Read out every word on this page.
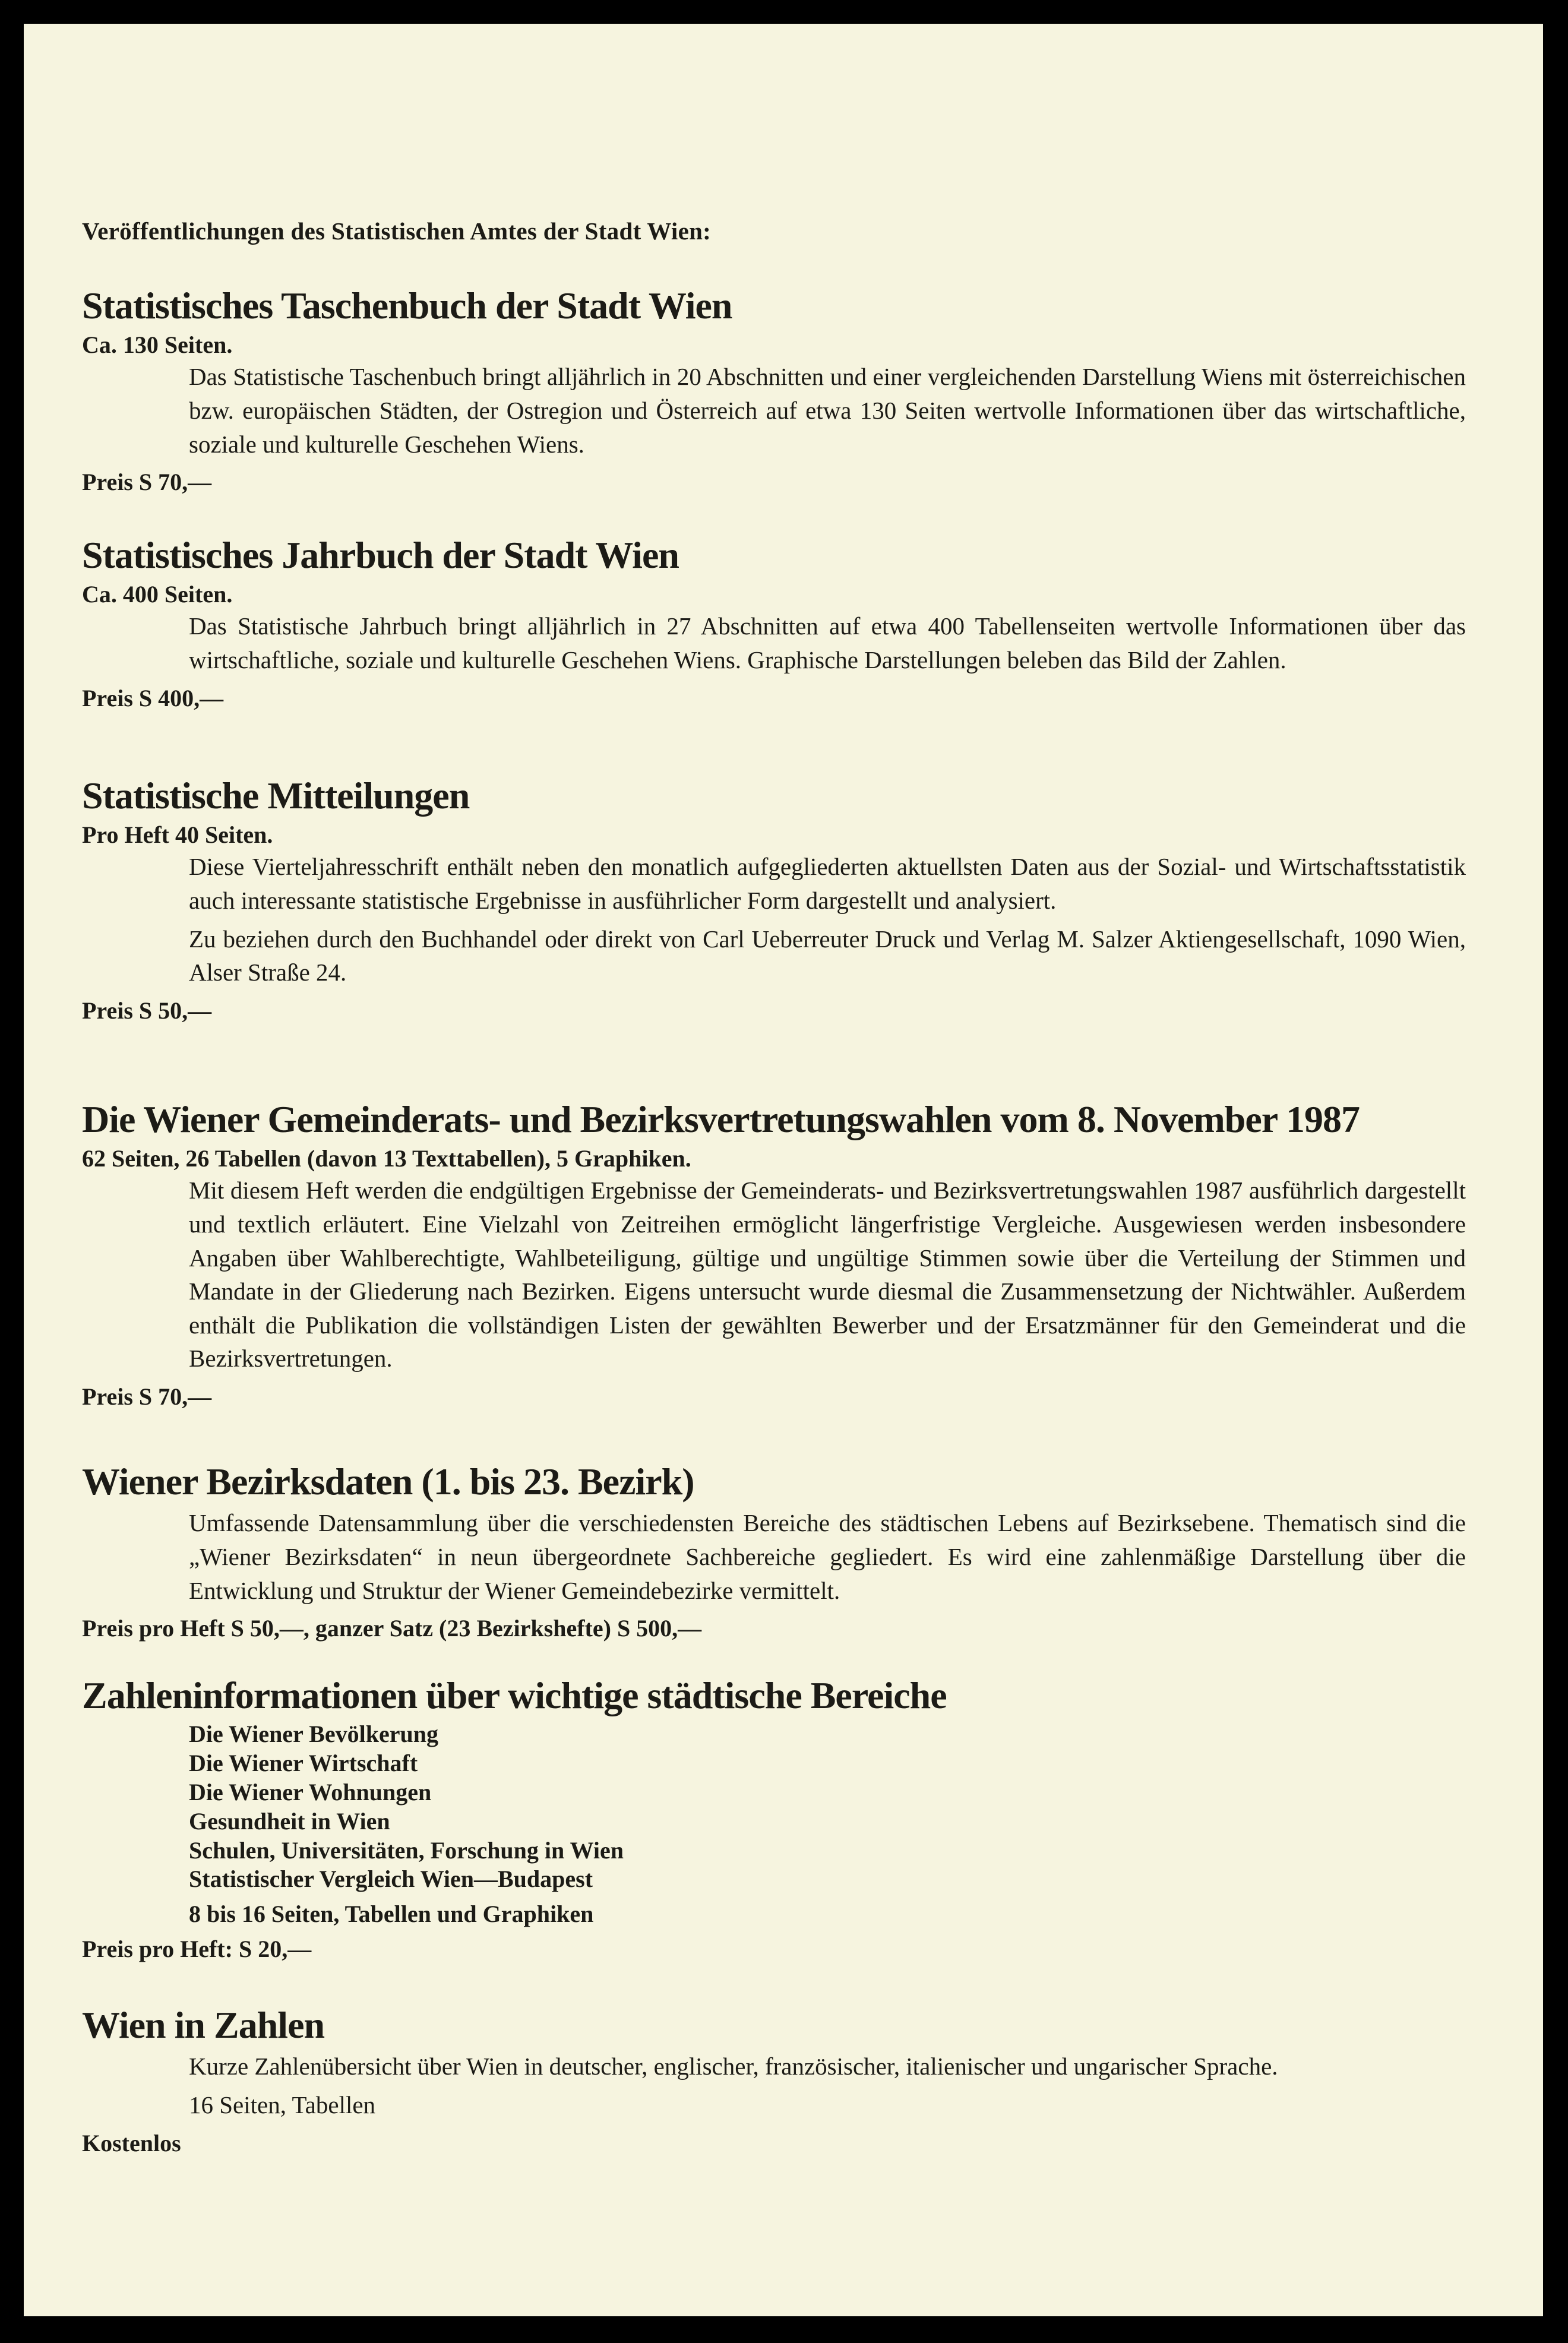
Veröffentlichungen des Statistischen Amtes der Stadt Wien:
Statistisches Taschenbuch der Stadt Wien
Ca. 130 Seiten.

Das Statistische Taschenbuch bringt alljährlich in 20 Abschnitten und einer vergleichenden Darstellung Wiens mit österreichischen bzw. europäischen Städten, der Ostregion und Österreich auf etwa 130 Seiten wertvolle Informationen über das wirtschaftliche, soziale und kulturelle Geschehen Wiens.

Preis S 70,—
Statistisches Jahrbuch der Stadt Wien
Ca. 400 Seiten.

Das Statistische Jahrbuch bringt alljährlich in 27 Abschnitten auf etwa 400 Tabellenseiten wertvolle Informationen über das wirtschaftliche, soziale und kulturelle Geschehen Wiens. Graphische Darstellungen beleben das Bild der Zahlen.

Preis S 400,—
Statistische Mitteilungen
Pro Heft 40 Seiten.

Diese Vierteljahresschrift enthält neben den monatlich aufgegliederten aktuellsten Daten aus der Sozial- und Wirtschaftsstatistik auch interessante statistische Ergebnisse in ausführlicher Form dargestellt und analysiert.

Zu beziehen durch den Buchhandel oder direkt von Carl Ueberreuter Druck und Verlag M. Salzer Aktiengesellschaft, 1090 Wien, Alser Straße 24.

Preis S 50,—
Die Wiener Gemeinderats- und Bezirksvertretungswahlen vom 8. November 1987
62 Seiten, 26 Tabellen (davon 13 Texttabellen), 5 Graphiken.

Mit diesem Heft werden die endgültigen Ergebnisse der Gemeinderats- und Bezirksvertretungswahlen 1987 ausführlich dargestellt und textlich erläutert. Eine Vielzahl von Zeitreihen ermöglicht längerfristige Vergleiche. Ausgewiesen werden insbesondere Angaben über Wahlberechtigte, Wahlbeteiligung, gültige und ungültige Stimmen sowie über die Verteilung der Stimmen und Mandate in der Gliederung nach Bezirken. Eigens untersucht wurde diesmal die Zusammensetzung der Nichtwähler. Außerdem enthält die Publikation die vollständigen Listen der gewählten Bewerber und der Ersatzmänner für den Gemeinderat und die Bezirksvertretungen.

Preis S 70,—
Wiener Bezirksdaten (1. bis 23. Bezirk)

Umfassende Datensammlung über die verschiedensten Bereiche des städtischen Lebens auf Bezirksebene. Thematisch sind die „Wiener Bezirksdaten“ in neun übergeordnete Sachbereiche gegliedert. Es wird eine zahlenmäßige Darstellung über die Entwicklung und Struktur der Wiener Gemeindebezirke vermittelt.

Preis pro Heft S 50,—, ganzer Satz (23 Bezirkshefte) S 500,—
Zahleninformationen über wichtige städtische Bereiche
Die Wiener Bevölkerung
Die Wiener Wirtschaft
Die Wiener Wohnungen
Gesundheit in Wien
Schulen, Universitäten, Forschung in Wien
Statistischer Vergleich Wien—Budapest
8 bis 16 Seiten, Tabellen und Graphiken
Preis pro Heft: S 20,—
Wien in Zahlen

Kurze Zahlenübersicht über Wien in deutscher, englischer, französischer, italienischer und ungarischer Sprache.

16 Seiten, Tabellen

Kostenlos
